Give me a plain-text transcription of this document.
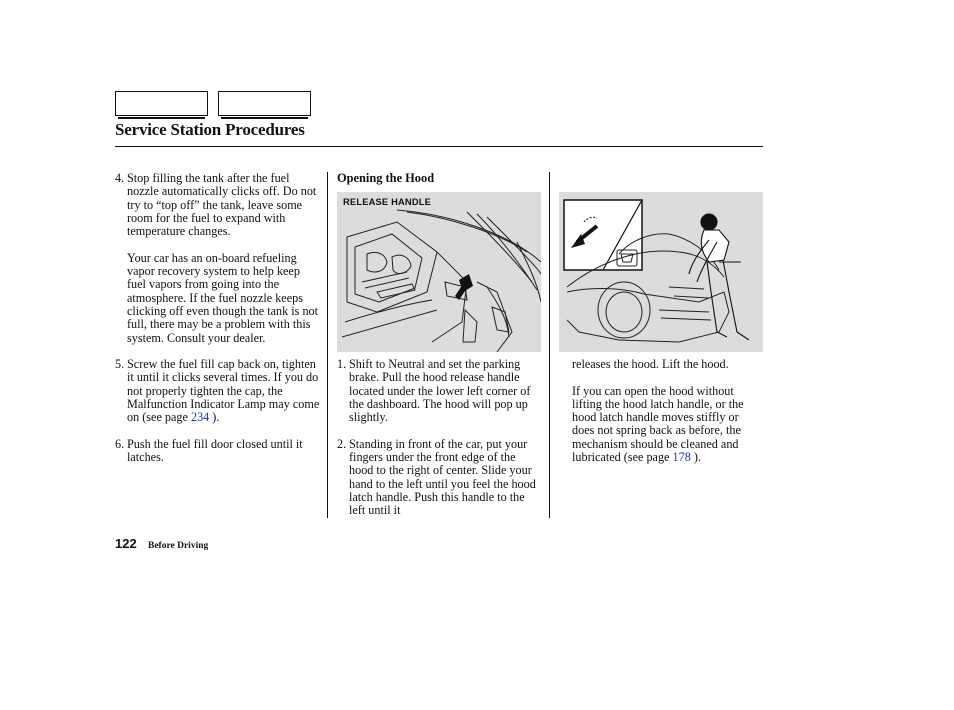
Service Station Procedures

4. Stop filling the tank after the fuel nozzle automatically clicks off. Do not try to “top off” the tank, leave some room for the fuel to expand with temperature changes.

Your car has an on-board refueling vapor recovery system to help keep fuel vapors from going into the atmosphere. If the fuel nozzle keeps clicking off even though the tank is not full, there may be a problem with this system. Consult your dealer.

5. Screw the fuel fill cap back on, tighten it until it clicks several times. If you do not properly tighten the cap, the Malfunction Indicator Lamp may come on (see page 234 ).

6. Push the fuel fill door closed until it latches.

Opening the Hood
RELEASE HANDLE

1. Shift to Neutral and set the parking brake. Pull the hood release handle located under the lower left corner of the dashboard. The hood will pop up slightly.

2. Standing in front of the car, put your fingers under the front edge of the hood to the right of center. Slide your hand to the left until you feel the hood latch handle. Push this handle to the left until it

releases the hood. Lift the hood.

If you can open the hood without lifting the hood latch handle, or the hood latch handle moves stiffly or does not spring back as before, the mechanism should be cleaned and lubricated (see page 178 ).

122 Before Driving
